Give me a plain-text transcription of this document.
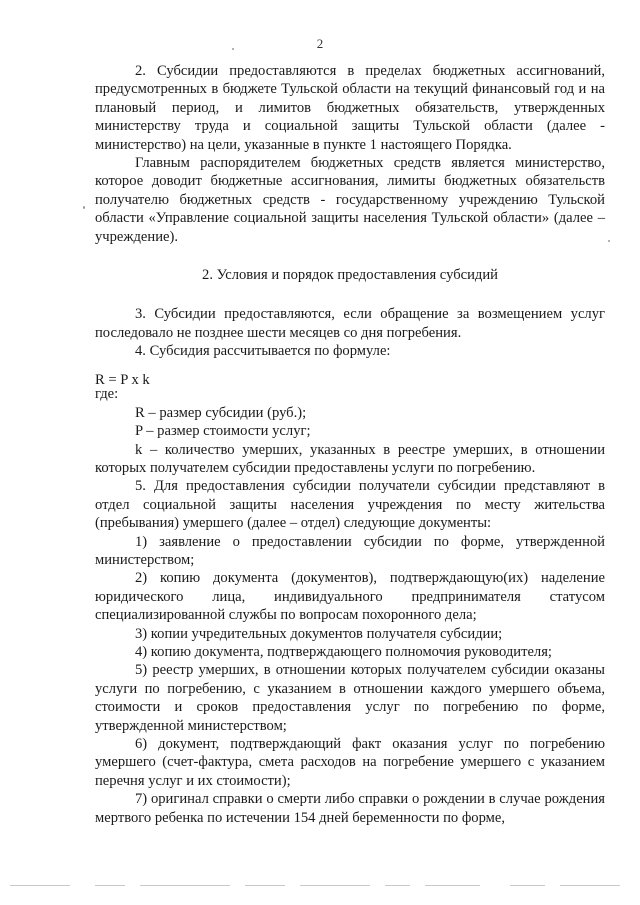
2

2. Субсидии предоставляются в пределах бюджетных ассигнований, предусмотренных в бюджете Тульской области на текущий финансовый год и на плановый период, и лимитов бюджетных обязательств, утвержденных министерству труда и социальной защиты Тульской области (далее - министерство) на цели, указанные в пункте 1 настоящего Порядка.

Главным распорядителем бюджетных средств является министерство, которое доводит бюджетные ассигнования, лимиты бюджетных обязательств получателю бюджетных средств - государственному учреждению Тульской области «Управление социальной защиты населения Тульской области» (далее – учреждение).

2. Условия и порядок предоставления субсидий

3. Субсидии предоставляются, если обращение за возмещением услуг последовало не позднее шести месяцев со дня погребения.

4. Субсидия рассчитывается по формуле:

R = P x k

где:

R – размер субсидии (руб.);

P – размер стоимости услуг;

k – количество умерших, указанных в реестре умерших, в отношении которых получателем субсидии предоставлены услуги по погребению.

5. Для предоставления субсидии получатели субсидии представляют в отдел социальной защиты населения учреждения по месту жительства (пребывания) умершего (далее – отдел) следующие документы:

1) заявление о предоставлении субсидии по форме, утвержденной министерством;

2) копию документа (документов), подтверждающую(их) наделение юридического лица, индивидуального предпринимателя статусом специализированной службы по вопросам похоронного дела;

3) копии учредительных документов получателя субсидии;

4) копию документа, подтверждающего полномочия руководителя;

5) реестр умерших, в отношении которых получателем субсидии оказаны услуги по погребению, с указанием в отношении каждого умершего объема, стоимости и сроков предоставления услуг по погребению по форме, утвержденной министерством;

6) документ, подтверждающий факт оказания услуг по погребению умершего (счет-фактура, смета расходов на погребение умершего с указанием перечня услуг и их стоимости);

7) оригинал справки о смерти либо справки о рождении в случае рождения мертвого ребенка по истечении 154 дней беременности по форме,
